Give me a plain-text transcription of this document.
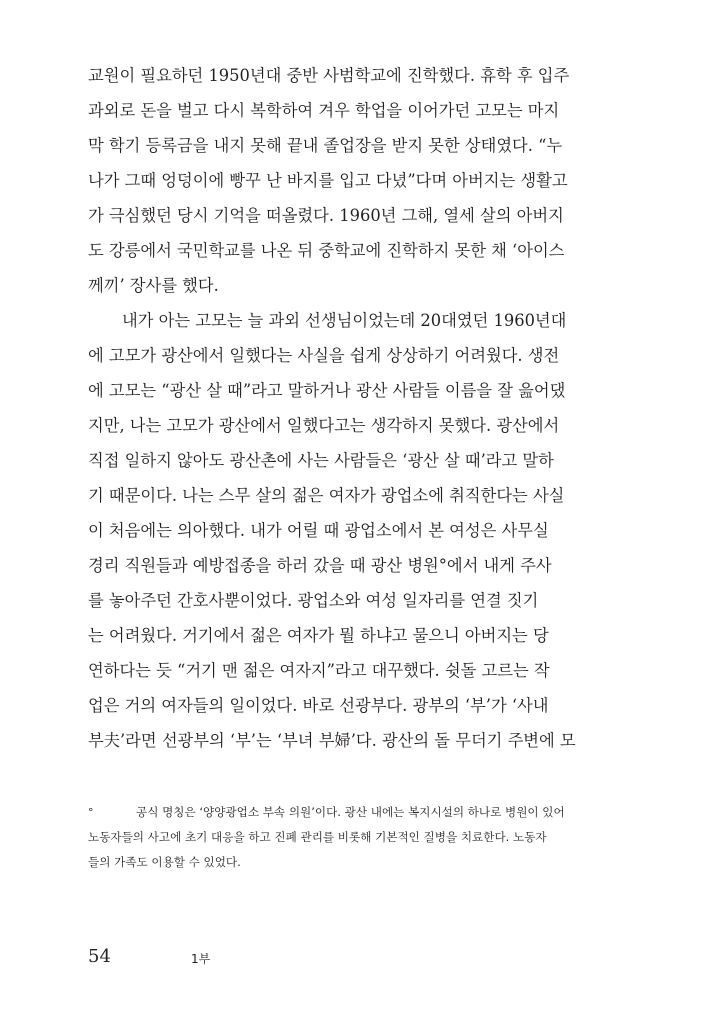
교원이 필요하던 1950년대 중반 사범학교에 진학했다. 휴학 후 입주
과외로 돈을 벌고 다시 복학하여 겨우 학업을 이어가던 고모는 마지
막 학기 등록금을 내지 못해 끝내 졸업장을 받지 못한 상태였다. “누
나가 그때 엉덩이에 빵꾸 난 바지를 입고 다녔”다며 아버지는 생활고
가 극심했던 당시 기억을 떠올렸다. 1960년 그해, 열세 살의 아버지
도 강릉에서 국민학교를 나온 뒤 중학교에 진학하지 못한 채 ‘아이스
께끼’ 장사를 했다.
내가 아는 고모는 늘 과외 선생님이었는데 20대였던 1960년대
에 고모가 광산에서 일했다는 사실을 쉽게 상상하기 어려웠다. 생전
에 고모는 “광산 살 때”라고 말하거나 광산 사람들 이름을 잘 읊어댔
지만, 나는 고모가 광산에서 일했다고는 생각하지 못했다. 광산에서
직접 일하지 않아도 광산촌에 사는 사람들은 ‘광산 살 때’라고 말하
기 때문이다. 나는 스무 살의 젊은 여자가 광업소에 취직한다는 사실
이 처음에는 의아했다. 내가 어릴 때 광업소에서 본 여성은 사무실
경리 직원들과 예방접종을 하러 갔을 때 광산 병원°에서 내게 주사
를 놓아주던 간호사뿐이었다. 광업소와 여성 일자리를 연결 짓기
는 어려웠다. 거기에서 젊은 여자가 뭘 하냐고 물으니 아버지는 당
연하다는 듯 “거기 맨 젊은 여자지”라고 대꾸했다. 쉿돌 고르는 작
업은 거의 여자들의 일이었다. 바로 선광부다. 광부의 ‘부’가 ‘사내
부夫’라면 선광부의 ‘부’는 ‘부녀 부婦’다. 광산의 돌 무더기 주변에 모
°	공식 명칭은 ‘양양광업소 부속 의원’이다. 광산 내에는 복지시설의 하나로 병원이 있어
노동자들의 사고에 초기 대응을 하고 진폐 관리를 비롯해 기본적인 질병을 치료한다. 노동자
들의 가족도 이용할 수 있었다.
54	1부
